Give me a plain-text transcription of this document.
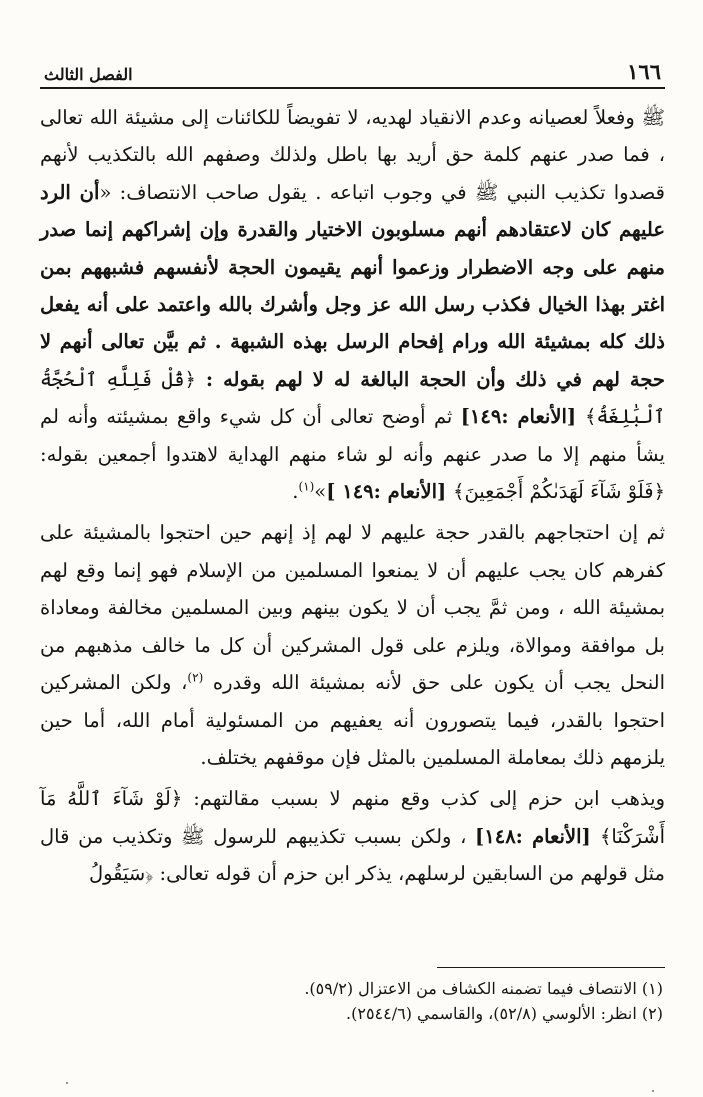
١٦٦
الفصل الثالث

ﷺ وفعلاً لعصيانه وعدم الانقياد لهديه، لا تفويضاً للكائنات إلى مشيئة الله تعالى ، فما صدر عنهم كلمة حق أريد بها باطل ولذلك وصفهم الله بالتكذيب لأنهم قصدوا تكذيب النبي ﷺ في وجوب اتباعه . يقول صاحب الانتصاف: «أن الرد عليهم كان لاعتقادهم أنهم مسلوبون الاختيار والقدرة وإن إشراكهم إنما صدر منهم على وجه الاضطرار وزعموا أنهم يقيمون الحجة لأنفسهم فشبههم بمن اغتر بهذا الخيال فكذب رسل الله عز وجل وأشرك بالله واعتمد على أنه يفعل ذلك كله بمشيئة الله ورام إفحام الرسل بهذه الشبهة . ثم بيَّن تعالى أنهم لا حجة لهم في ذلك وأن الحجة البالغة له لا لهم بقوله : ﴿قُلْ فَلِلَّهِ ٱلْحُجَّةُ ٱلْبَٰلِغَةُ﴾ [الأنعام :١٤٩] ثم أوضح تعالى أن كل شيء واقع بمشيئته وأنه لم يشأ منهم إلا ما صدر عنهم وأنه لو شاء منهم الهداية لاهتدوا أجمعين بقوله: ﴿فَلَوْ شَآءَ لَهَدَىٰكُمْ أَجْمَعِينَ﴾ [الأنعام :١٤٩ ]»$^{(١)}$.

ثم إن احتجاجهم بالقدر حجة عليهم لا لهم إذ إنهم حين احتجوا بالمشيئة على كفرهم كان يجب عليهم أن لا يمنعوا المسلمين من الإسلام فهو إنما وقع لهم بمشيئة الله ، ومن ثمَّ يجب أن لا يكون بينهم وبين المسلمين مخالفة ومعاداة بل موافقة وموالاة، ويلزم على قول المشركين أن كل ما خالف مذهبهم من النحل يجب أن يكون على حق لأنه بمشيئة الله وقدره $^{(٢)}$، ولكن المشركين احتجوا بالقدر، فيما يتصورون أنه يعفيهم من المسئولية أمام الله، أما حين يلزمهم ذلك بمعاملة المسلمين بالمثل فإن موقفهم يختلف.

ويذهب ابن حزم إلى كذب وقع منهم لا بسبب مقالتهم: ﴿لَوْ شَآءَ ٱللَّهُ مَآ أَشْرَكْنَا﴾ [الأنعام :١٤٨] ، ولكن بسبب تكذيبهم للرسول ﷺ وتكذيب من قال مثل قولهم من السابقين لرسلهم، يذكر ابن حزم أن قوله تعالى: ﴿سَيَقُولُ

(١) الانتصاف فيما تضمنه الكشاف من الاعتزال (٥٩/٢).

(٢) انظر: الألوسي (٥٢/٨)، والقاسمي (٢٥٤٤/٦).
